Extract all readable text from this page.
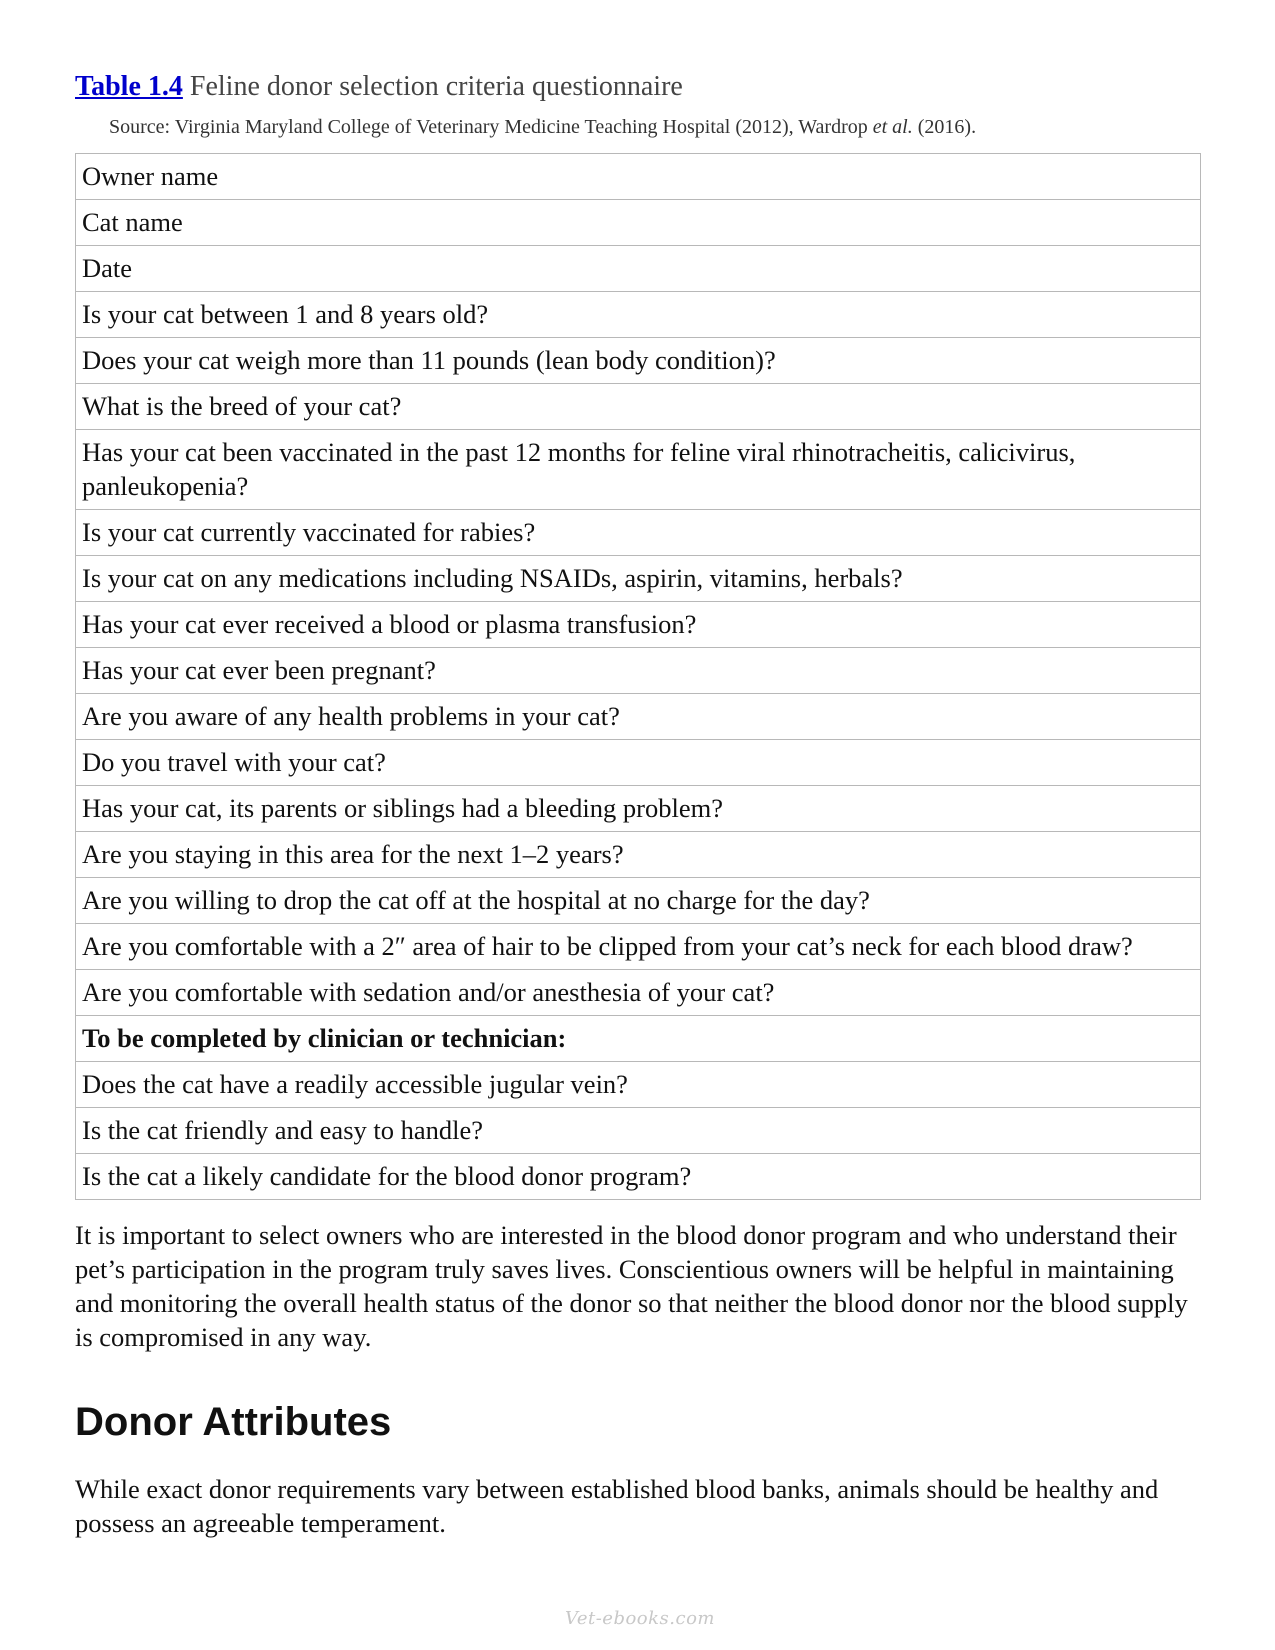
Table 1.4 Feline donor selection criteria questionnaire

Source: Virginia Maryland College of Veterinary Medicine Teaching Hospital (2012), Wardrop et al. (2016).

Owner name
Cat name
Date
Is your cat between 1 and 8 years old?
Does your cat weigh more than 11 pounds (lean body condition)?
What is the breed of your cat?
Has your cat been vaccinated in the past 12 months for feline viral rhinotracheitis, calicivirus, panleukopenia?
Is your cat currently vaccinated for rabies?
Is your cat on any medications including NSAIDs, aspirin, vitamins, herbals?
Has your cat ever received a blood or plasma transfusion?
Has your cat ever been pregnant?
Are you aware of any health problems in your cat?
Do you travel with your cat?
Has your cat, its parents or siblings had a bleeding problem?
Are you staying in this area for the next 1–2 years?
Are you willing to drop the cat off at the hospital at no charge for the day?
Are you comfortable with a 2″ area of hair to be clipped from your cat’s neck for each blood draw?
Are you comfortable with sedation and/or anesthesia of your cat?
To be completed by clinician or technician:
Does the cat have a readily accessible jugular vein?
Is the cat friendly and easy to handle?
Is the cat a likely candidate for the blood donor program?

It is important to select owners who are interested in the blood donor program and who understand their pet’s participation in the program truly saves lives. Conscientious owners will be helpful in maintaining and monitoring the overall health status of the donor so that neither the blood donor nor the blood supply is compromised in any way.

Donor Attributes

While exact donor requirements vary between established blood banks, animals should be healthy and possess an agreeable temperament.

Vet-ebooks.com
